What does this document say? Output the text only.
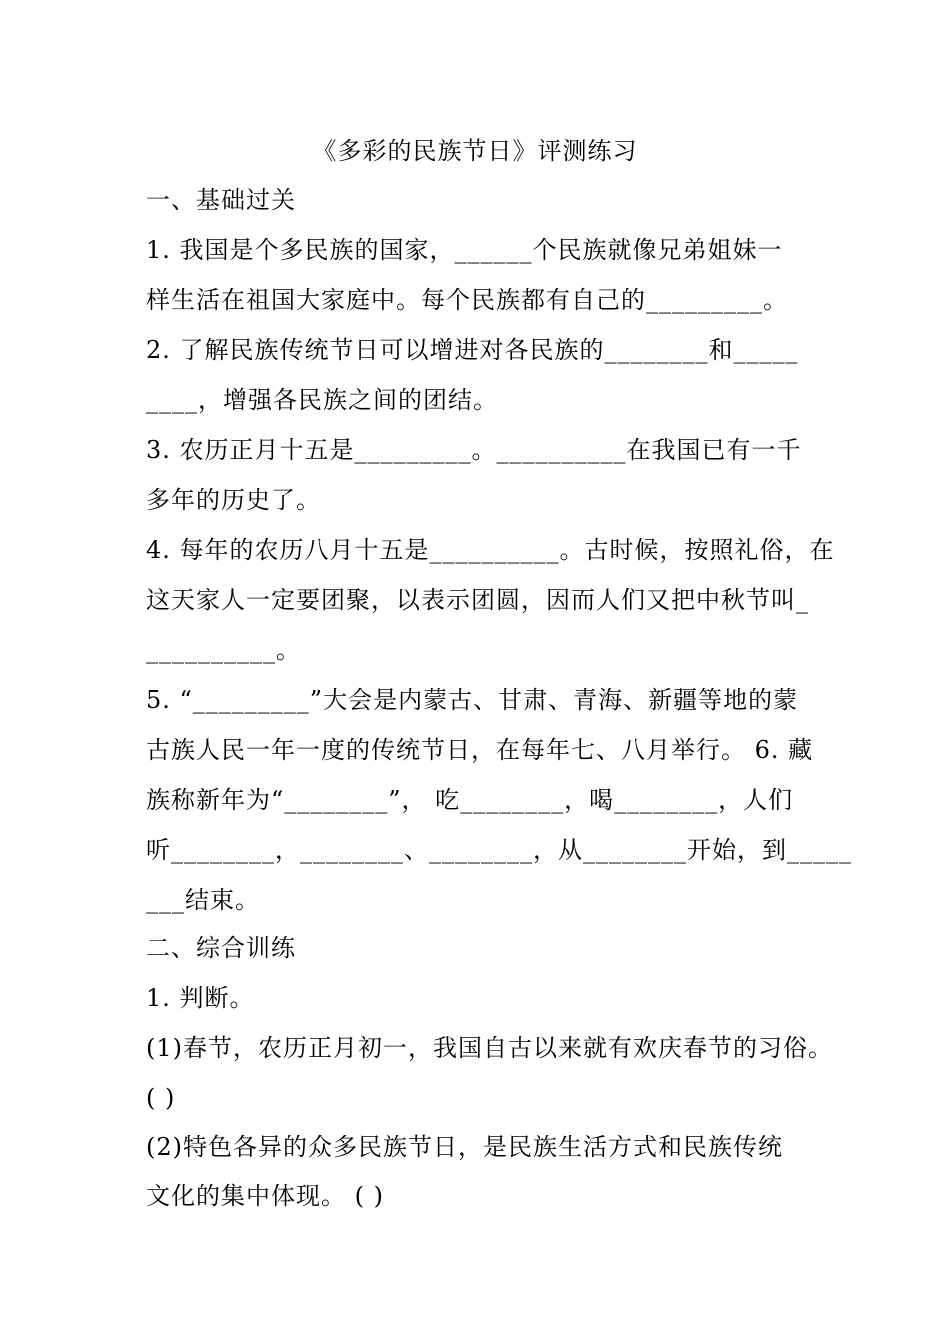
《多彩的民族节日》评测练习
一、基础过关
1. 我国是个多民族的国家，______个民族就像兄弟姐妹一
样生活在祖国大家庭中。每个民族都有自己的_________。
2. 了解民族传统节日可以增进对各民族的________和_____
____，增强各民族之间的团结。
3. 农历正月十五是_________。__________在我国已有一千
多年的历史了。
4. 每年的农历八月十五是__________。古时候，按照礼俗，在
这天家人一定要团聚，以表示团圆，因而人们又把中秋节叫_
__________。
5. “_________”大会是内蒙古、甘肃、青海、新疆等地的蒙
古族人民一年一度的传统节日，在每年七、八月举行。 6. 藏
族称新年为“________”， 吃________，喝________，人们
听________，________、________，从________开始，到_____
___结束。
二、综合训练
1. 判断。
(1)春节，农历正月初一，我国自古以来就有欢庆春节的习俗。
( )
(2)特色各异的众多民族节日，是民族生活方式和民族传统
文化的集中体现。 ( )
